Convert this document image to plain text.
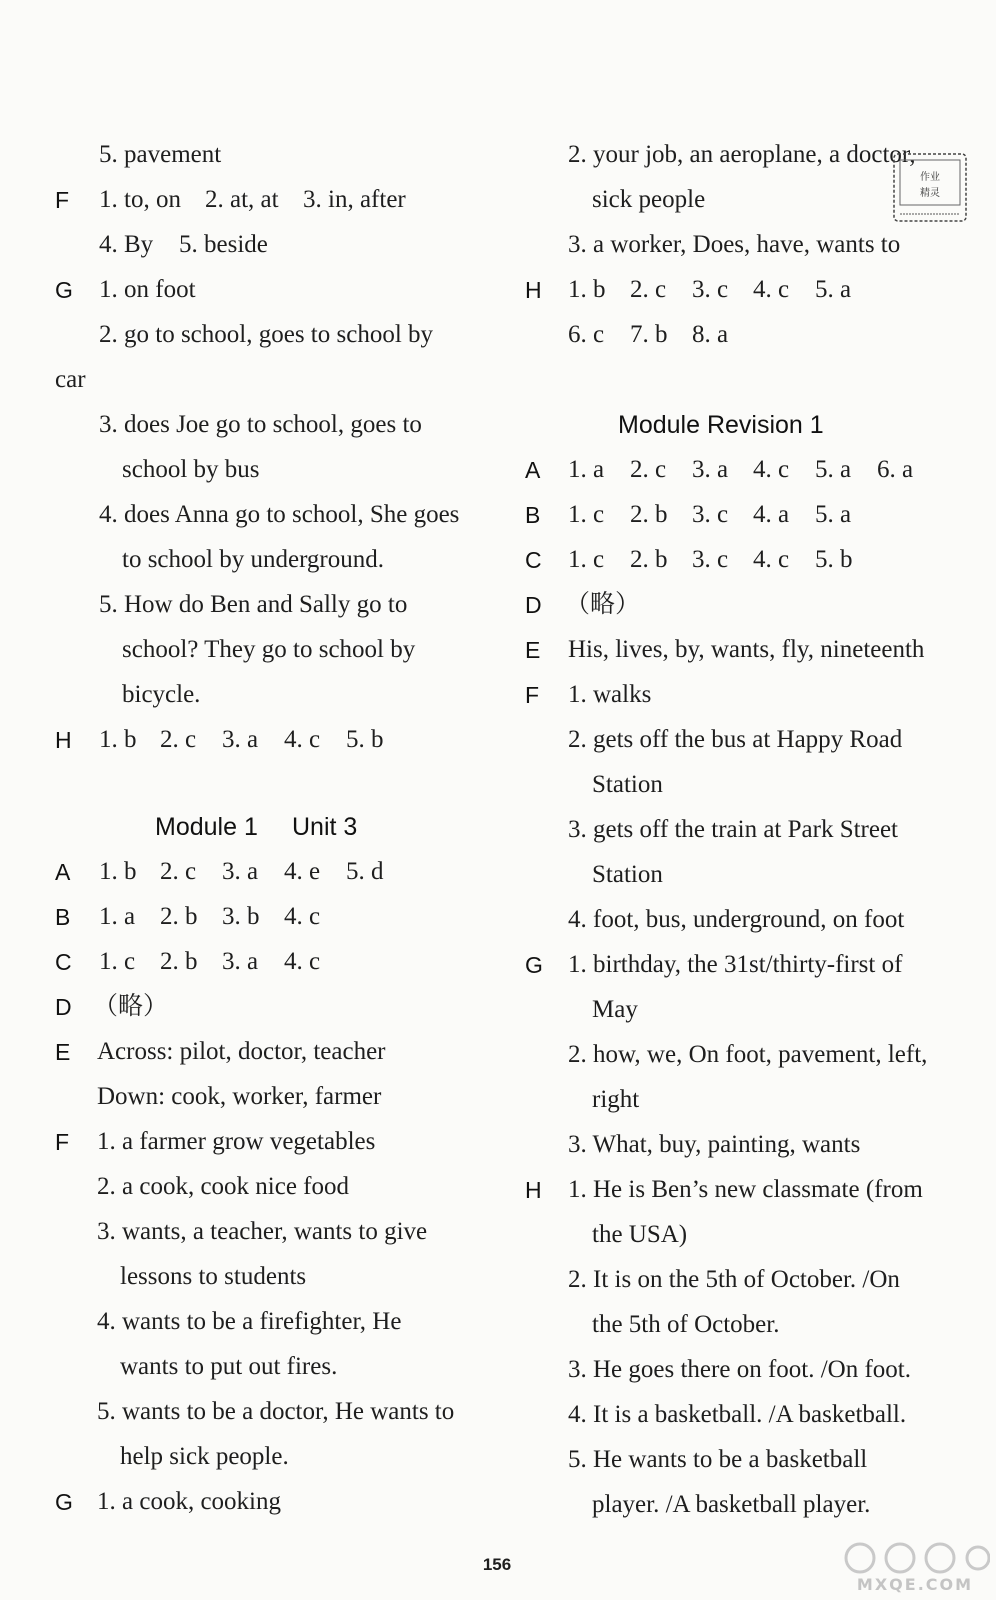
5. pavement
F 1. to, on 2. at, at 3. in, after
4. By 5. beside
G 1. on foot
2. go to school, goes to school by
car
3. does Joe go to school, goes to
school by bus
4. does Anna go to school, She goes
to school by underground.
5. How do Ben and Sally go to
school? They go to school by
bicycle.
H 1. b 2. c 3. a 4. c 5. b
Module 1 Unit 3
A 1. b 2. c 3. a 4. e 5. d
B 1. a 2. b 3. b 4. c
C 1. c 2. b 3. a 4. c
D （略）
E Across: pilot, doctor, teacher
Down: cook, worker, farmer
F 1. a farmer grow vegetables
2. a cook, cook nice food
3. wants, a teacher, wants to give
lessons to students
4. wants to be a firefighter, He
wants to put out fires.
5. wants to be a doctor, He wants to
help sick people.
G 1. a cook, cooking
2. your job, an aeroplane, a doctor,
sick people
3. a worker, Does, have, wants to
H 1. b 2. c 3. c 4. c 5. a
6. c 7. b 8. a
Module Revision 1
A 1. a 2. c 3. a 4. c 5. a 6. a
B 1. c 2. b 3. c 4. a 5. a
C 1. c 2. b 3. c 4. c 5. b
D （略）
E His, lives, by, wants, fly, nineteenth
F 1. walks
2. gets off the bus at Happy Road
Station
3. gets off the train at Park Street
Station
4. foot, bus, underground, on foot
G 1. birthday, the 31st/thirty-first of
May
2. how, we, On foot, pavement, left,
right
3. What, buy, painting, wants
H 1. He is Ben’s new classmate (from
the USA)
2. It is on the 5th of October. /On
the 5th of October.
3. He goes there on foot. /On foot.
4. It is a basketball. /A basketball.
5. He wants to be a basketball
player. /A basketball player.
156
作业
精灵
MXQE.COM
